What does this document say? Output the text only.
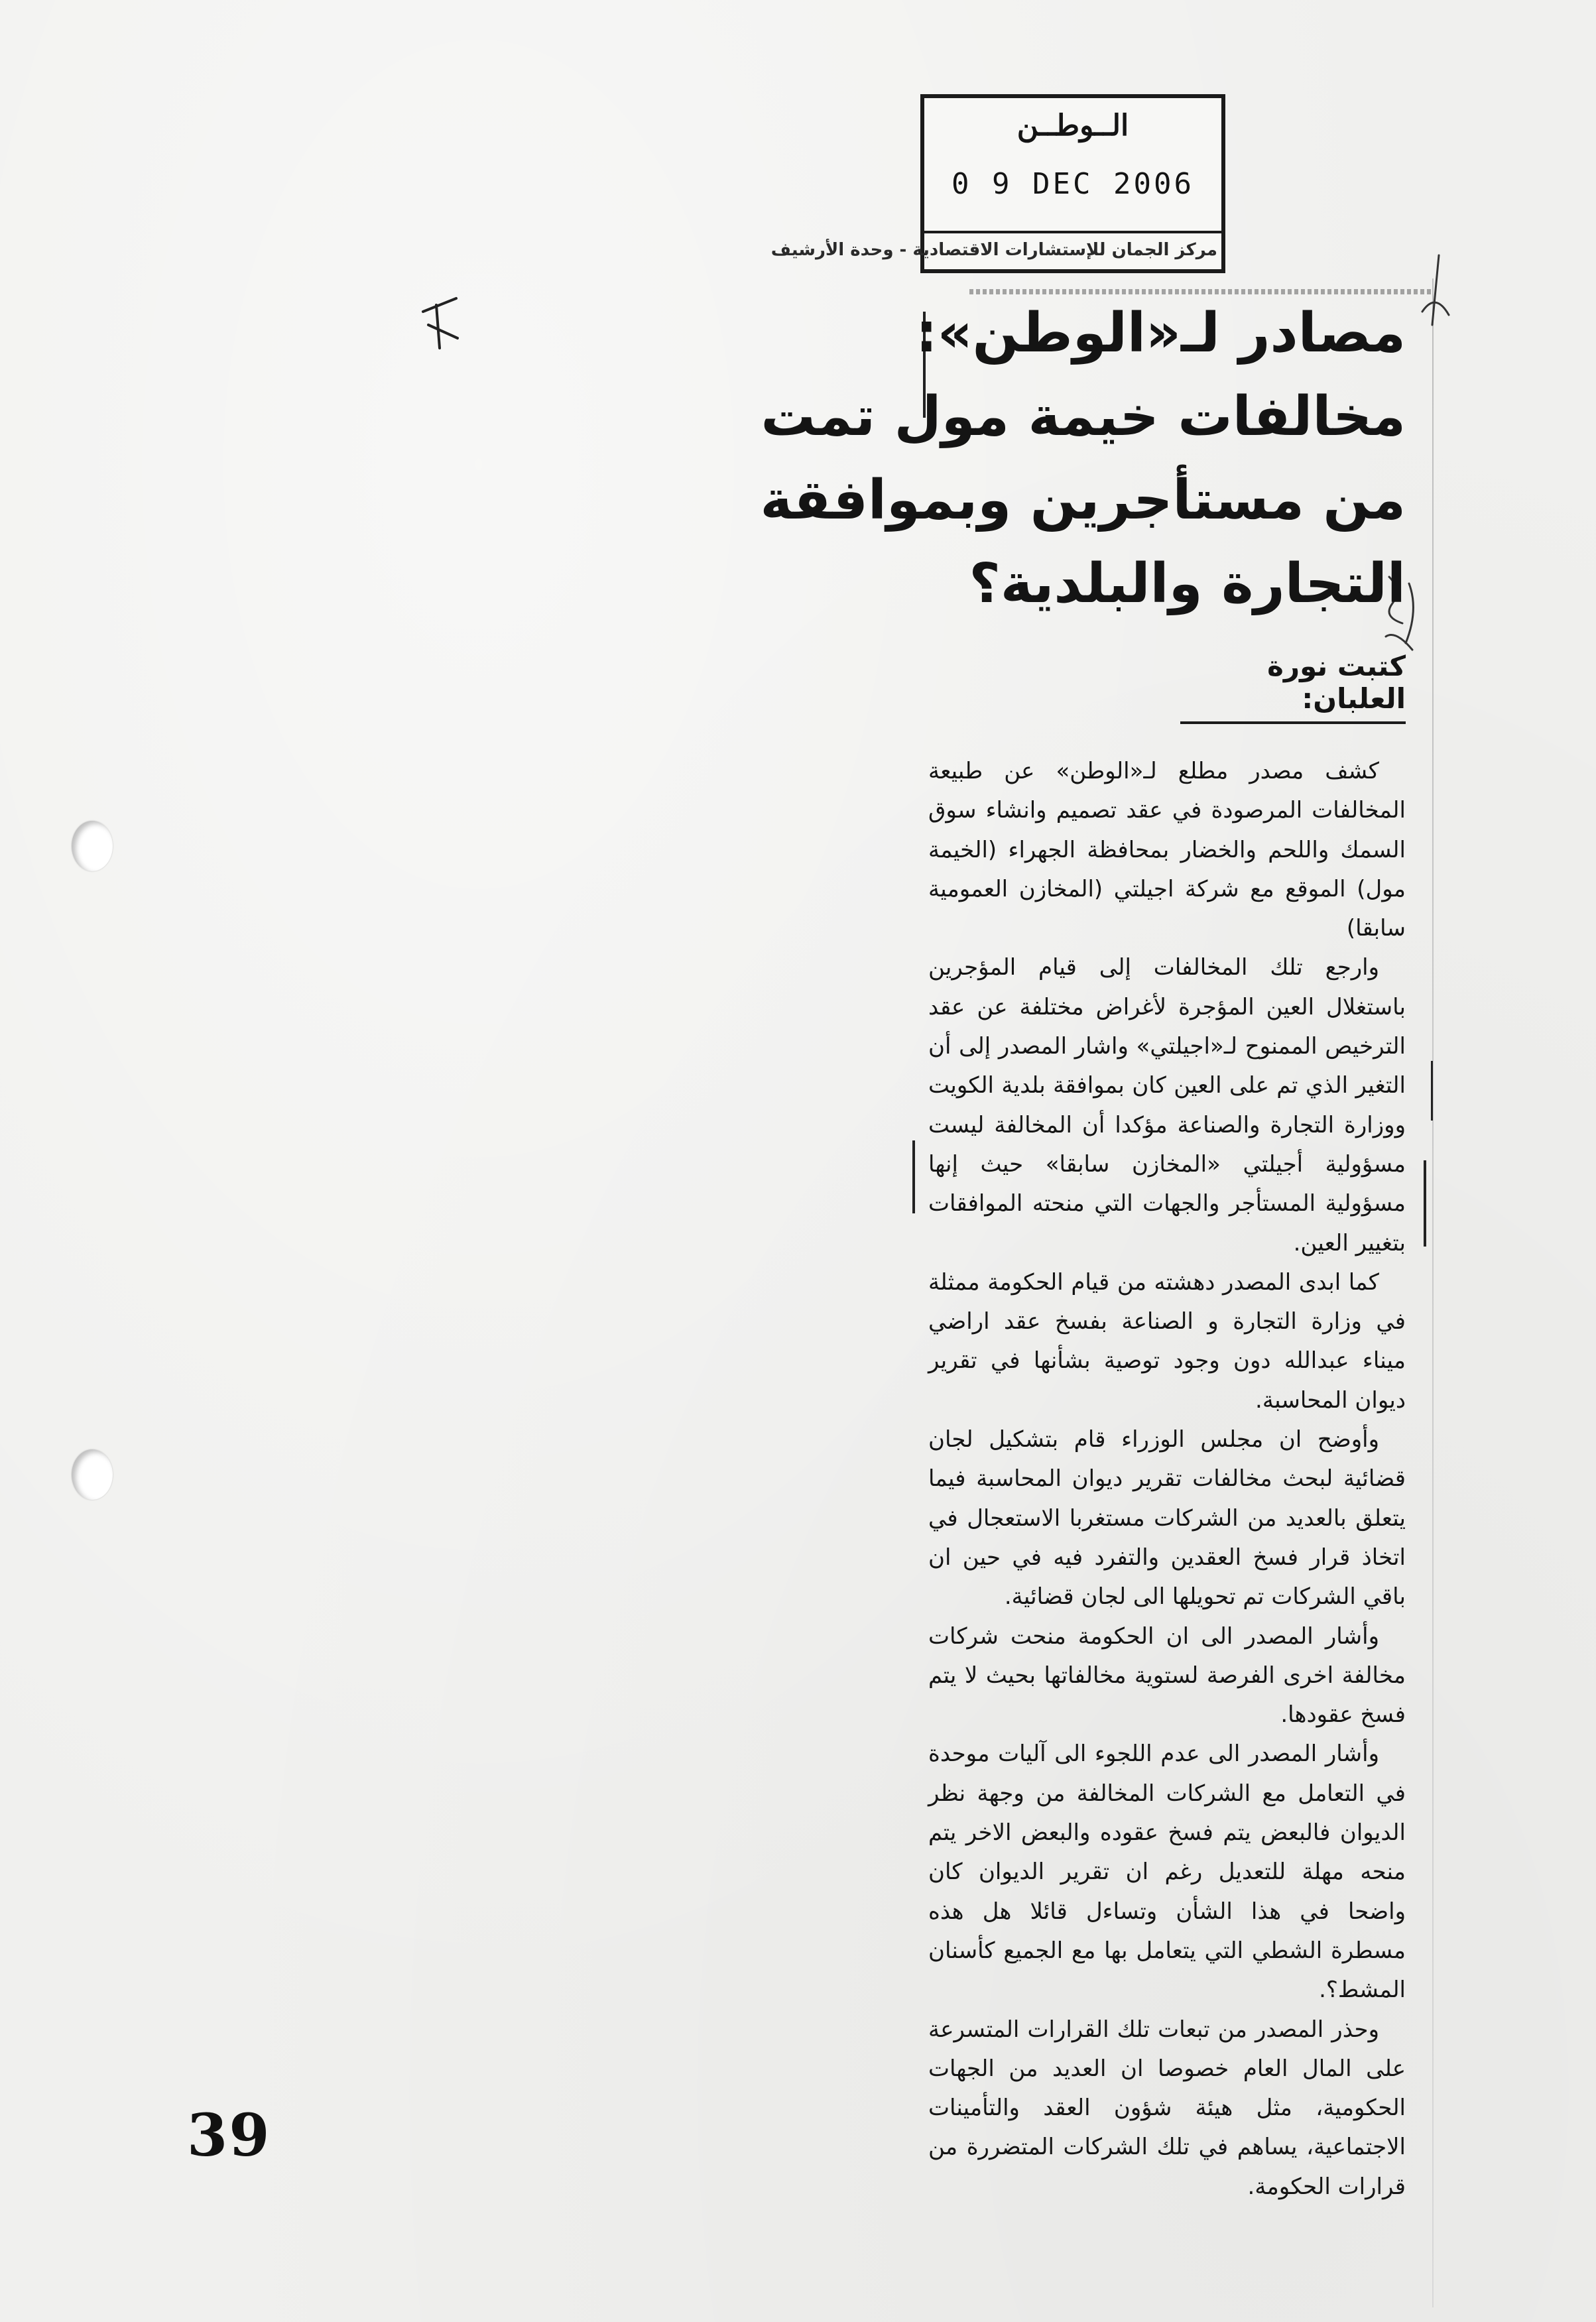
الــوطــن
0 9 DEC 2006
مركز الجمان للإستشارات الاقتصادية - وحدة الأرشيف
مصادر لـ«الوطن»:
مخالفات خيمة مول تمت
من مستأجرين وبموافقة
التجارة والبلدية؟
كتبت نورة العلبان:

كشف مصدر مطلع لـ«الوطن» عن طبيعة المخالفات المرصودة في عقد تصميم وانشاء سوق السمك واللحم والخضار بمحافظة الجهراء (الخيمة مول) الموقع مع شركة اجيلتي (المخازن العمومية سابقا)

وارجع تلك المخالفات إلى قيام المؤجرين باستغلال العين المؤجرة لأغراض مختلفة عن عقد الترخيص الممنوح لـ«اجيلتي» واشار المصدر إلى أن التغير الذي تم على العين كان بموافقة بلدية الكويت ووزارة التجارة والصناعة مؤكدا أن المخالفة ليست مسؤولية أجيلتي «المخازن سابقا» حيث إنها مسؤولية المستأجر والجهات التي منحته الموافقات بتغيير العين.

كما ابدى المصدر دهشته من قيام الحكومة ممثلة في وزارة التجارة و الصناعة بفسخ عقد اراضي ميناء عبدالله دون وجود توصية بشأنها في تقرير ديوان المحاسبة.

وأوضح ان مجلس الوزراء قام بتشكيل لجان قضائية لبحث مخالفات تقرير ديوان المحاسبة فيما يتعلق بالعديد من الشركات مستغربا الاستعجال في اتخاذ قرار فسخ العقدين والتفرد فيه في حين ان باقي الشركات تم تحويلها الى لجان قضائية.

وأشار المصدر الى ان الحكومة منحت شركات مخالفة اخرى الفرصة لستوية مخالفاتها بحيث لا يتم فسخ عقودها.

وأشار المصدر الى عدم اللجوء الى آليات موحدة في التعامل مع الشركات المخالفة من وجهة نظر الديوان فالبعض يتم فسخ عقوده والبعض الاخر يتم منحه مهلة للتعديل رغم ان تقرير الديوان كان واضحا في هذا الشأن وتساءل قائلا هل هذه مسطرة الشطي التي يتعامل بها مع الجميع كأسنان المشط؟.

وحذر المصدر من تبعات تلك القرارات المتسرعة على المال العام خصوصا ان العديد من الجهات الحكومية، مثل هيئة شؤون العقد والتأمينات الاجتماعية، يساهم في تلك الشركات المتضررة من قرارات الحكومة.

39
